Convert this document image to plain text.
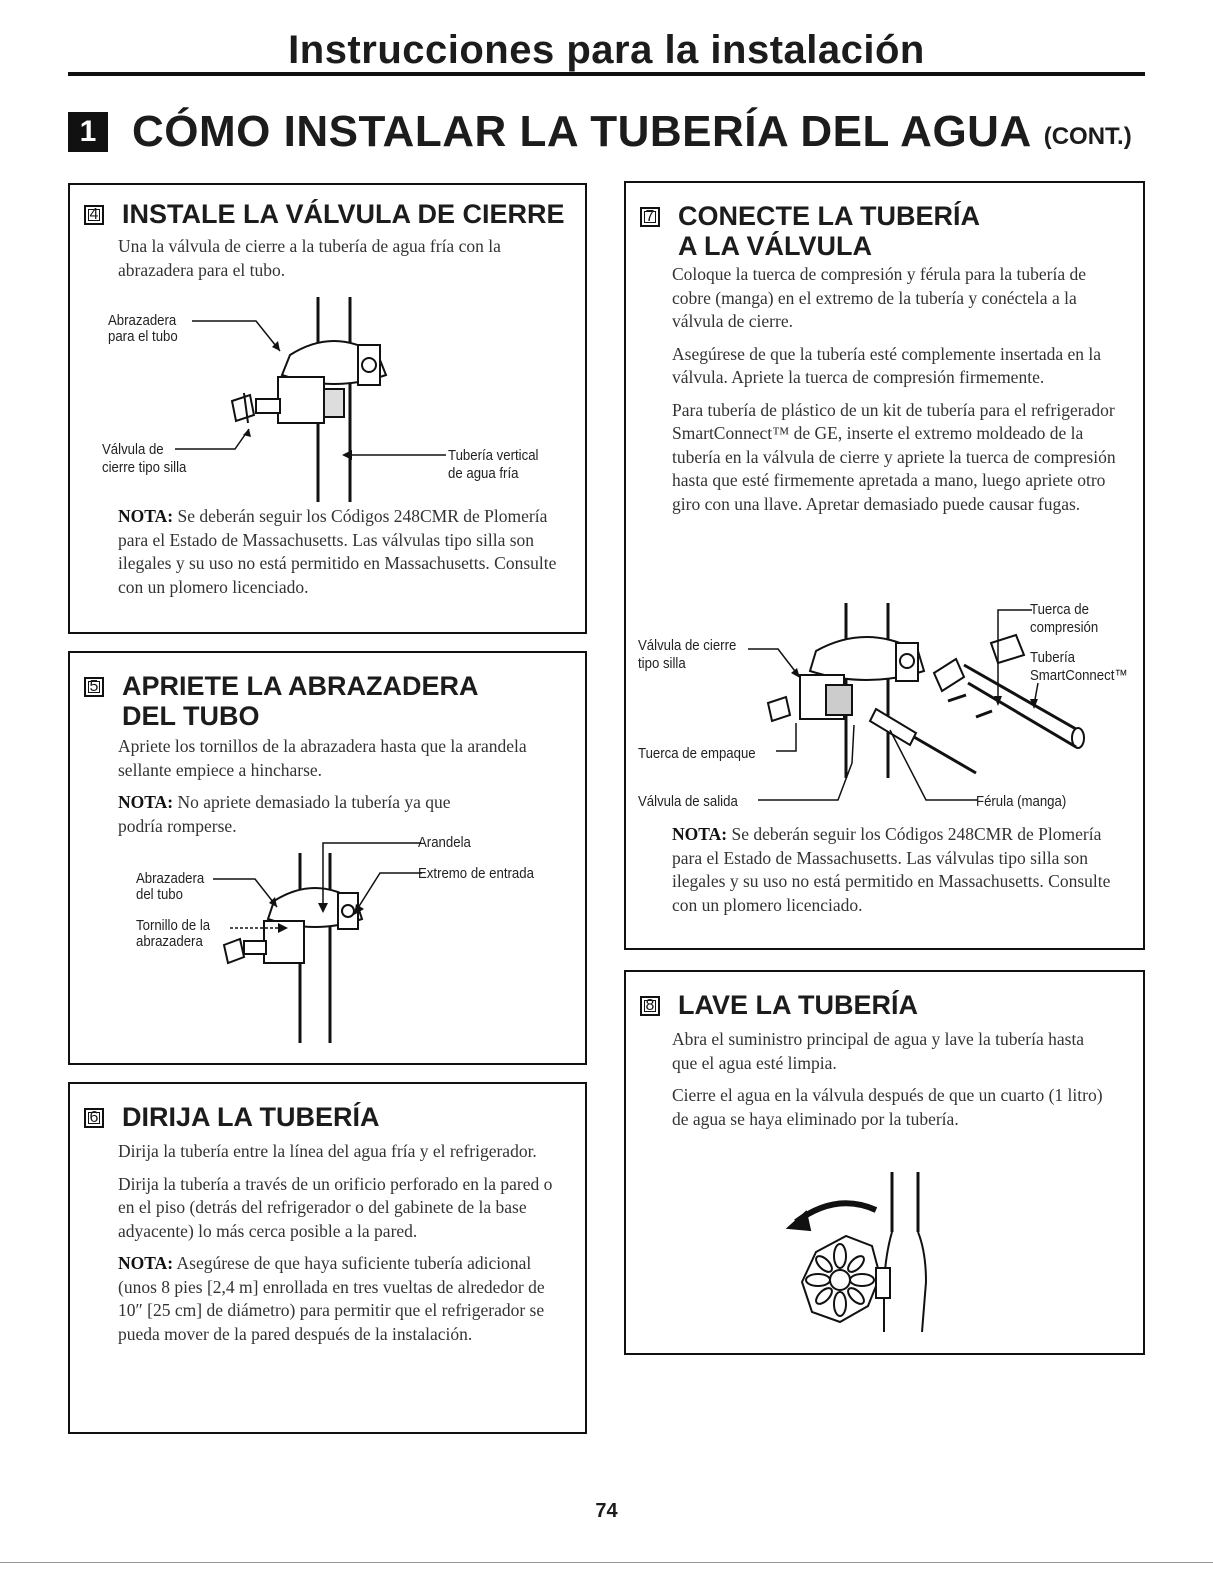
Instrucciones para la instalación
1 CÓMO INSTALAR LA TUBERÍA DEL AGUA (CONT.)
4 INSTALE LA VÁLVULA DE CIERRE

Una la válvula de cierre a la tubería de agua fría con la abrazadera para el tubo.

Abrazadera
para el tubo
Válvula de
cierre tipo silla
Tubería vertical
de agua fría

NOTA: Se deberán seguir los Códigos 248CMR de Plomería para el Estado de Massachusetts. Las válvulas tipo silla son ilegales y su uso no está permitido en Massachusetts. Consulte con un plomero licenciado.

5 APRIETE LA ABRAZADERA
DEL TUBO

Apriete los tornillos de la abrazadera hasta que la arandela sellante empiece a hincharse.

NOTA: No apriete demasiado la tubería ya que podría romperse.

Arandela
Extremo de entrada
Abrazadera
del tubo
Tornillo de la
abrazadera
6 DIRIJA LA TUBERÍA

Dirija la tubería entre la línea del agua fría y el refrigerador.

Dirija la tubería a través de un orificio perforado en la pared o en el piso (detrás del refrigerador o del gabinete de la base adyacente) lo más cerca posible a la pared.

NOTA: Asegúrese de que haya suficiente tubería adicional (unos 8 pies [2,4 m] enrollada en tres vueltas de alrededor de 10″ [25 cm] de diámetro) para permitir que el refrigerador se pueda mover de la pared después de la instalación.

7 CONECTE LA TUBERÍA
A LA VÁLVULA

Coloque la tuerca de compresión y férula para la tubería de cobre (manga) en el extremo de la tubería y conéctela a la válvula de cierre.

Asegúrese de que la tubería esté complemente insertada en la válvula. Apriete la tuerca de compresión firmemente.

Para tubería de plástico de un kit de tubería para el refrigerador SmartConnect™ de GE, inserte el extremo moldeado de la tubería en la válvula de cierre y apriete la tuerca de compresión hasta que esté firmemente apretada a mano, luego apriete otro giro con una llave. Apretar demasiado puede causar fugas.

Tuerca de
compresión
Tubería
SmartConnect™
Válvula de cierre
tipo silla
Tuerca de empaque
Válvula de salida	Férula (manga)

NOTA: Se deberán seguir los Códigos 248CMR de Plomería para el Estado de Massachusetts. Las válvulas tipo silla son ilegales y su uso no está permitido en Massachusetts. Consulte con un plomero licenciado.

8 LAVE LA TUBERÍA

Abra el suministro principal de agua y lave la tubería hasta que el agua esté limpia.

Cierre el agua en la válvula después de que un cuarto (1 litro) de agua se haya eliminado por la tubería.

74
